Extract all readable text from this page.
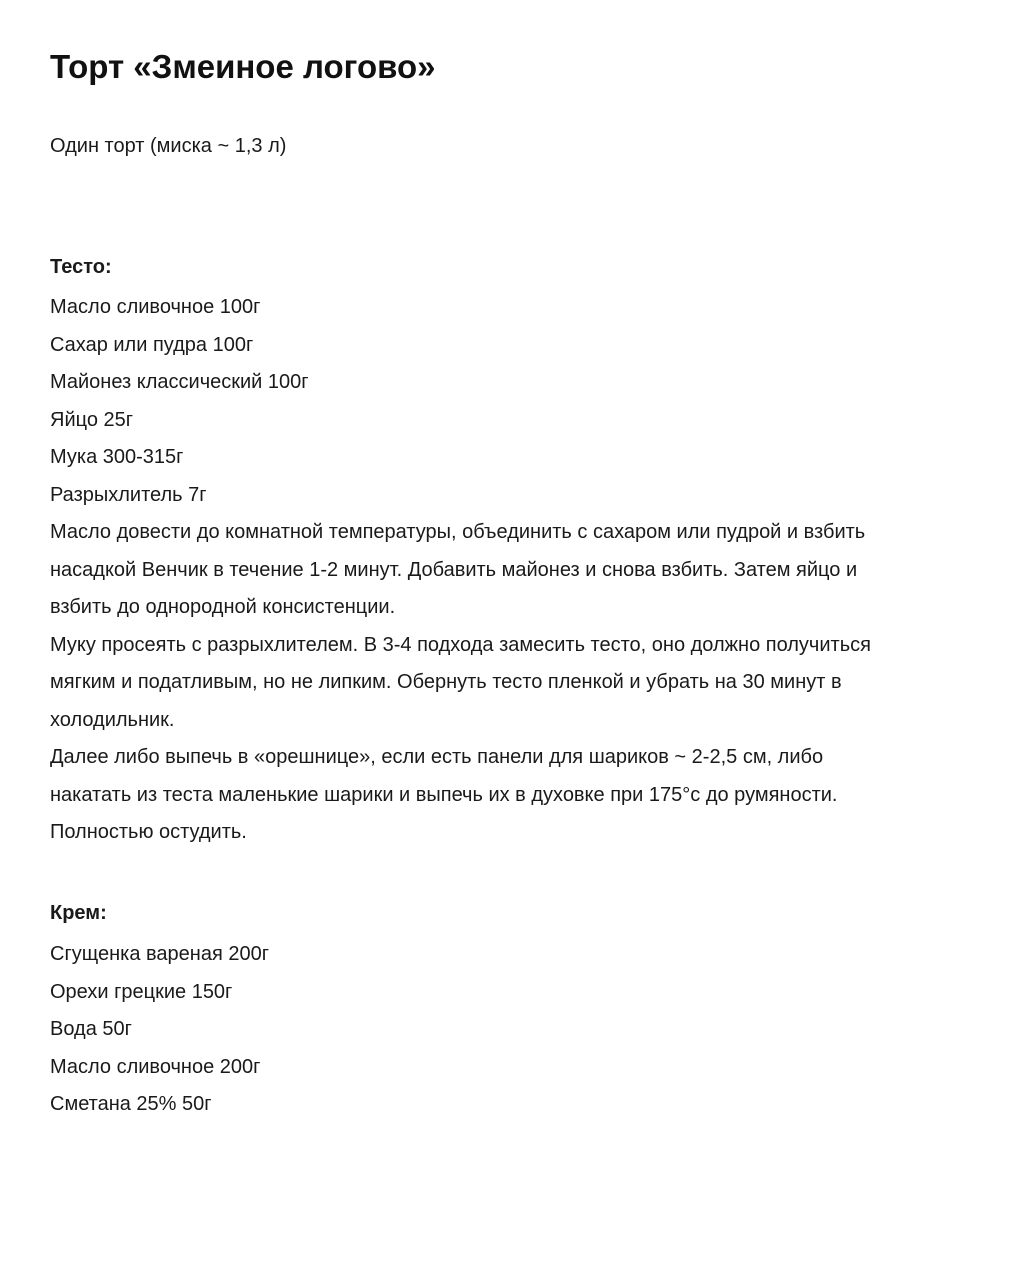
Торт «Змеиное логово»
Один торт (миска ~ 1,3 л)
Тесто:
Масло сливочное 100г
Сахар или пудра 100г
Майонез классический 100г
Яйцо 25г
Мука 300-315г
Разрыхлитель 7г
Масло довести до комнатной температуры, объединить с сахаром или пудрой и взбить
насадкой Венчик в течение 1-2 минут. Добавить майонез и снова взбить. Затем яйцо и
взбить до однородной консистенции.
Муку просеять с разрыхлителем. В 3-4 подхода замесить тесто, оно должно получиться
мягким и податливым, но не липким. Обернуть тесто пленкой и убрать на 30 минут в
холодильник.
Далее либо выпечь в «орешнице», если есть панели для шариков ~ 2-2,5 см, либо
накатать из теста маленькие шарики и выпечь их в духовке при 175°с до румяности.
Полностью остудить.
Крем:
Сгущенка вареная 200г
Орехи грецкие 150г
Вода 50г
Масло сливочное 200г
Сметана 25% 50г
